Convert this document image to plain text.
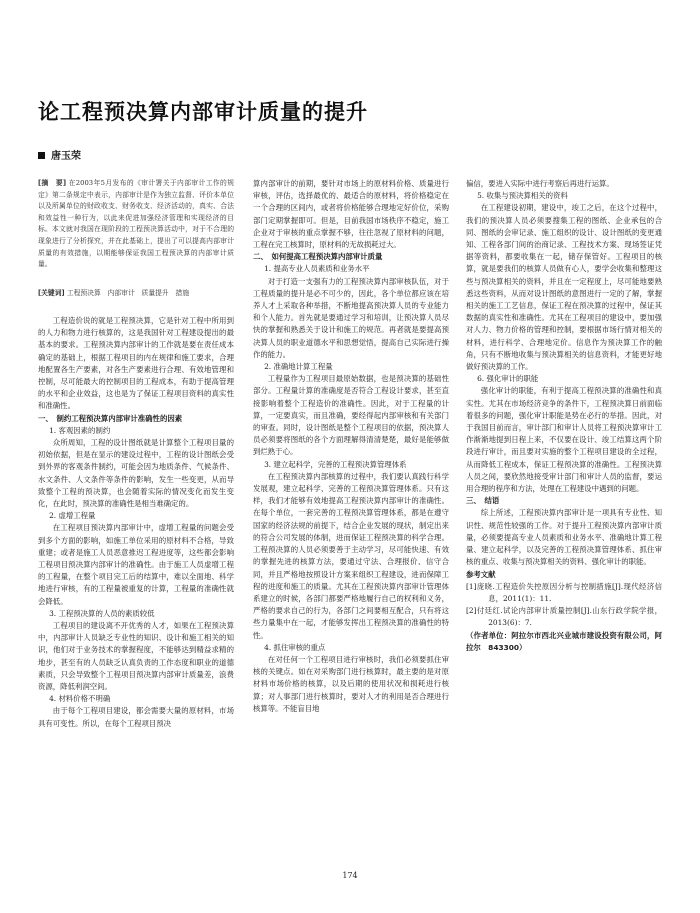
论工程预决算内部审计质量的提升
唐玉荣

[摘　要] 在2003年5月发布的《审计署关于内部审计工作的规定》第二条规定中表示，内部审计是作为独立监督、评价本单位以及所属单位的财政收支、财务收支、经济活动的，真实、合法和效益性一种行为，以此来促进加强经济管理和实现经济的目标。本文就对我国在现阶段的工程预决算活动中，对于不合理的现象进行了分析探究，并在此基础上，提出了可以提高内部审计质量的有效措施，以期能够保证我国工程预决算的内部审计质量。

[关键词] 工程预决算　内部审计　质量提升　措施

工程造价说的就是工程预决算，它是针对工程中所用到的人力和物力进行核算的，这是我国针对工程建设提出的最基本的要求。工程预决算内部审计的工作就是要在责任成本确定的基础上，根据工程项目的内在规律和施工要求，合理地配置各生产要素，对各生产要素进行合理、有效地管理和控制，尽可能最大的控制项目的工程成本，有助于提高管理的水平和企业效益，这也是为了保证工程项目资料的真实性和准确性。

一、　制约工程预决算内部审计准确性的因素

1. 客观因素的制约

众所周知，工程的设计图纸就是计算整个工程项目量的初始依据，但是在显示的建设过程中，工程的设计图纸会受到外界的客观条件制约，可能会因为地质条件、气候条件、水文条件、人文条件等条件的影响，发生一些变更，从而导致整个工程的预决算，也会随着实际的情况变化而发生变化，在此时，预决算的准确性是相当难确定的。

2. 虚增工程量

在工程项目预决算内部审计中，虚增工程量的问题会受到多个方面的影响，如施工单位采用的原材料不合格，导致重建；或者是施工人员恶意推迟工程进度等，这些都会影响工程项目预决算内部审计的准确性。由于施工人员虚增工程的工程量，在整个项目完工后的结算中，难以全面地、科学地进行审核，有的工程量被重复的计算，工程量的准确性就会降低。

3. 工程预决算的人员的素质较低

工程项目的建设离不开优秀的人才，如果在工程预决算中，内部审计人员缺乏专业性的知识、设计和施工相关的知识，他们对于业务技术的掌握程度，不能够达到精益求精的地步，甚至有的人员缺乏认真负责的工作态度和职业的道德素质，只会导致整个工程项目预决算内部审计质量差，浪费资源，降低利润空间。

4. 材料价格不明确

由于每个工程项目建设，都会需要大量的原材料，市场具有可变性。所以，在每个工程项目预决

算内部审计的前期，要针对市场上的原材料价格、质量进行审核，评估，选择最优的、最适合的原材料，将价格稳定在一个合理的区间内，或者将价格能够合理地定好价位，采购部门定期掌握即可。但是，目前我国市场秩序不稳定，施工企业对于审核的重点掌握不够，往往忽视了原材料的问题，工程在完工核算时，原材料的无故损耗过大。

二、　如何提高工程预决算内部审计质量

1. 提高专业人员素质和业务水平

对于打造一支强有力的工程预决算内部审核队伍，对于工程质量的提升是必不可少的，因此，各个单位都应该在培养人才上采取各种举措，不断地提高预决算人员的专业能力和个人能力。首先就是要通过学习和培训，让预决算人员尽快的掌握和熟悉关于设计和施工的规范。再者就是要提高预决算人员的职业道德水平和思想觉悟，提高自己实际进行操作的能力。

2. 准确地计算工程量

工程量作为工程项目最原始数据，也是预决算的基础性部分。工程量计算的准确度是否符合工程设计要求，甚至直接影响着整个工程造价的准确性。因此，对于工程量的计算，一定要真实，而且准确，要经得起内部审核和有关部门的审查。同时，设计图纸是整个工程项目的依据，预决算人员必须要将图纸的各个方面理解得清清楚楚，最好是能够做到烂熟于心。

3. 建立起科学，完善的工程预决算管理体系

在工程预决算内部核算的过程中，我们要认真践行科学发展观，建立起科学、完善的工程预决算管理体系。只有这样，我们才能够有效地提高工程预决算内部审计的准确性。在每个单位，一套完善的工程预决算管理体系，都是在遵守国家的经济法规的前提下，结合企业发展的现状，制定出来的符合公司发展的体制，进而保证工程预决算的科学合理。工程预决算的人员必须要善于主动学习，尽可能快速、有效的掌握先进的核算方法，要通过守法、合理报价、信守合同，并且严格地按照设计方案来组织工程建设，进而保障工程的进度和施工的质量。尤其在工程预决算内部审计管理体系建立的时候，各部门都要严格地履行自己的权利和义务，严格的要求自己的行为，各部门之间要相互配合，只有将这些力量集中在一起，才能够发挥出工程预决算的准确性的特性。

4. 抓住审核的重点

在对任何一个工程项目进行审核时，我们必须要抓住审核的关键点。如在对采购部门进行核算时，最主要的是对原材料市场价格的核算，以及后期的使用状况和损耗进行核算；对人事部门进行核算时，要对人才的利用是否合理进行核算等。不能盲目地

偏信，要进入实际中进行考察后再进行运算。

5. 收集与预决算相关的资料

在工程建设初期，建设中，竣工之后，在这个过程中，我们的预决算人员必须要搜集工程的图纸、企业承包的合同、图纸的会审记录、施工组织的设计、设计图纸的变更通知、工程各部门间的治商记录、工程技术方案、现场签证凭据等资料，都要收集在一起，储存保管好。工程项目的核算，就是要我们的核算人员做有心人，要学会收集和整理这些与预决算相关的资料，并且在一定程度上，尽可能地要熟悉这些资料，从而对设计图纸的意图进行一定的了解，掌握相关的施工工艺信息，保证工程在预决算的过程中，保证其数据的真实性和准确性。尤其在工程项目的建设中，要加强对人力、物力价格的管理和控制，要根据市场行情对相关的材料，进行科学、合理地定价。信息作为预决算工作的触角，只有不断地收集与预决算相关的信息资料，才能更好地做好预决算的工作。

6. 强化审计的职能

强化审计的职能，有利于提高工程预决算的准确性和真实性。尤其在市场经济竞争的条件下，工程预决算日前面临着很多的问题，强化审计职能是势在必行的举措。因此，对于我国目前而言，审计部门和审计人员将工程预决算审计工作渐渐地提到日程上来，不仅要在设计、竣工结算这两个阶段进行审计，而且要对实施的整个工程项目建设的全过程，从而降低工程成本，保证工程预决算的准确性。工程预决算人员之间，要欣然地接受审计部门和审计人员的监督，要运用合理的程序和方法，处理在工程建设中遇到的问题。

三、　结语

综上所述，工程预决算内部审计是一项具有专业性、知识性、规范性较强的工作。对于提升工程预决算内部审计质量，必须要提高专业人员素质和业务水平、准确地计算工程量、建立起科学，以及完善的工程预决算管理体系、抓住审核的重点、收集与预决算相关的资料、强化审计的职能。

参考文献

[1]庞晓.工程造价失控原因分析与控制措施[J].现代经济信息，2011(1)：11.

[2]付廷红.试论内部审计质量控制[J].山东行政学院学报，2013(6)：7.

（作者单位：阿拉尔市西北兴业城市建设投资有限公司，阿拉尔　843300）

174
